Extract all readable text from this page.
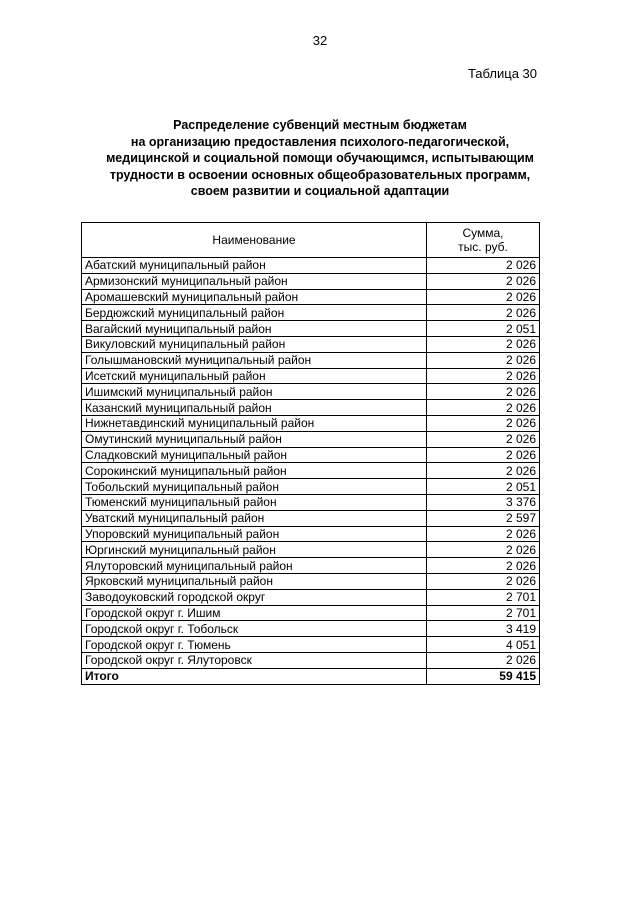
32
Таблица 30
Распределение субвенций местным бюджетам
на организацию предоставления психолого-педагогической,
медицинской и социальной помощи обучающимся, испытывающим
трудности в освоении основных общеобразовательных программ,
своем развитии и социальной адаптации
Наименование	Сумма,
тыс. руб.

Абатский муниципальный район	2 026
Армизонский муниципальный район	2 026
Аромашевский муниципальный район	2 026
Бердюжский муниципальный район	2 026
Вагайский муниципальный район	2 051
Викуловский муниципальный район	2 026
Голышмановский муниципальный район	2 026
Исетский муниципальный район	2 026
Ишимский муниципальный район	2 026
Казанский муниципальный район	2 026
Нижнетавдинский муниципальный район	2 026
Омутинский муниципальный район	2 026
Сладковский муниципальный район	2 026
Сорокинский муниципальный район	2 026
Тобольский муниципальный район	2 051
Тюменский муниципальный район	3 376
Уватский муниципальный район	2 597
Упоровский муниципальный район	2 026
Юргинский муниципальный район	2 026
Ялуторовский муниципальный район	2 026
Ярковский муниципальный район	2 026
Заводоуковский городской округ	2 701
Городской округ г. Ишим	2 701
Городской округ г. Тобольск	3 419
Городской округ г. Тюмень	4 051
Городской округ г. Ялуторовск	2 026
Итого	59 415
